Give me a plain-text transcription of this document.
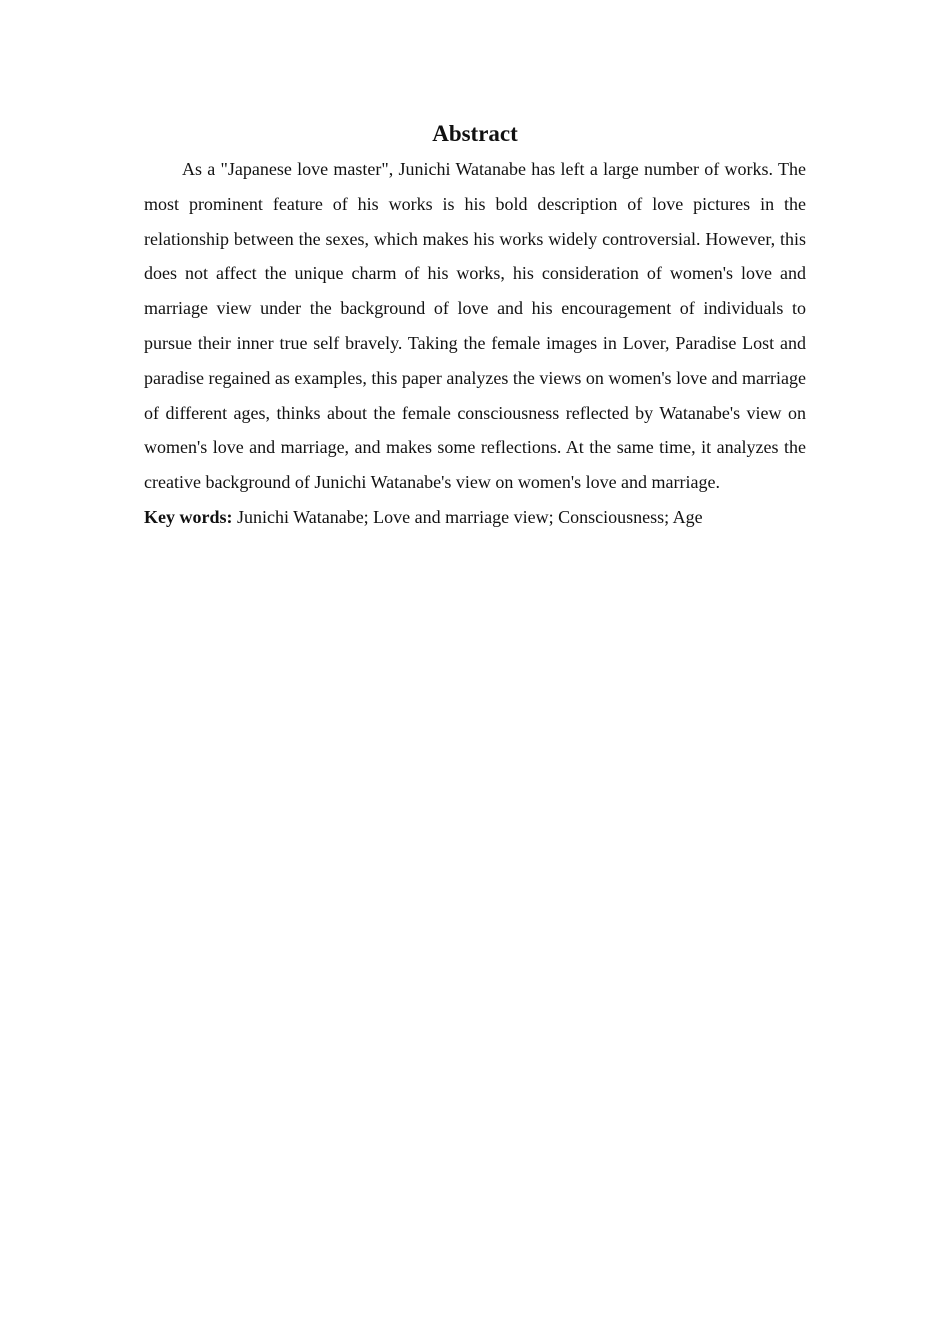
Abstract

As a "Japanese love master", Junichi Watanabe has left a large number of works. The most prominent feature of his works is his bold description of love pictures in the relationship between the sexes, which makes his works widely controversial. However, this does not affect the unique charm of his works, his consideration of women's love and marriage view under the background of love and his encouragement of individuals to pursue their inner true self bravely. Taking the female images in Lover, Paradise Lost and paradise regained as examples, this paper analyzes the views on women's love and marriage of different ages, thinks about the female consciousness reflected by Watanabe's view on women's love and marriage, and makes some reflections. At the same time, it analyzes the creative background of Junichi Watanabe's view on women's love and marriage.

Key words: Junichi Watanabe; Love and marriage view; Consciousness; Age
